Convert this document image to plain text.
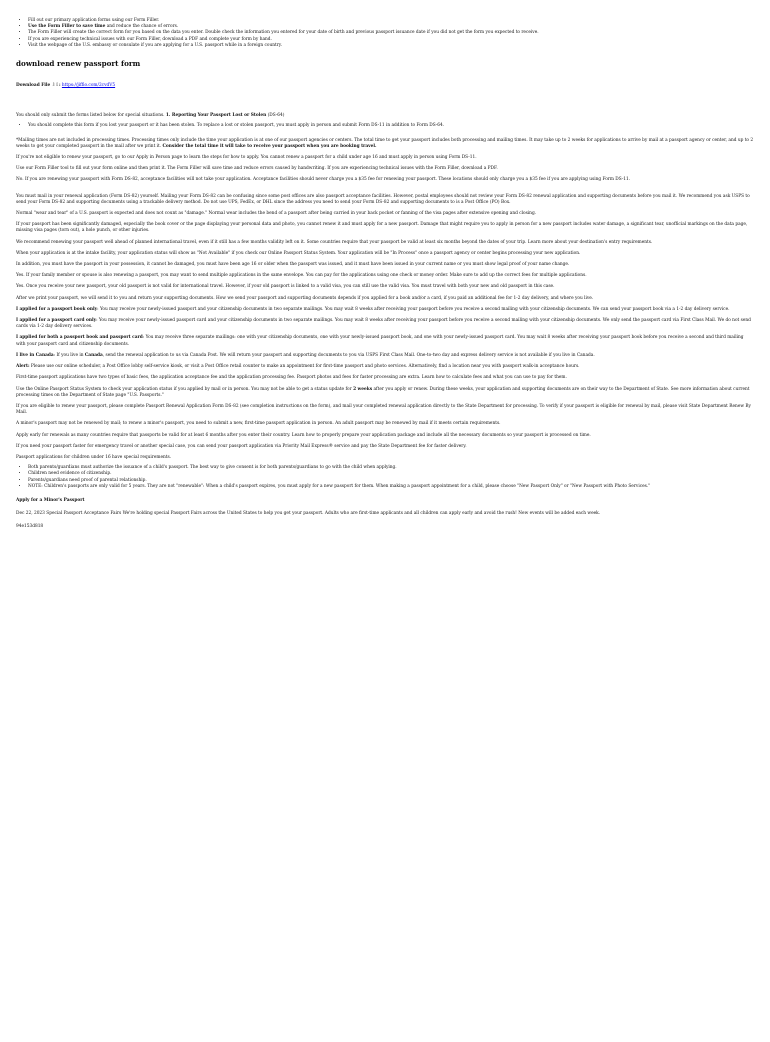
• Fill out our primary application forms using our Form Filler.
• Use the Form Filler to save time and reduce the chance of errors.
• The Form Filler will create the correct form for you based on the data you enter. Double check the information you entered for your date of birth and previous passport issuance date if you did not get the form you expected to receive.
• If you are experiencing technical issues with our Form Filler, download a PDF and complete your form by hand.
• Visit the webpage of the U.S. embassy or consulate if you are applying for a U.S. passport while in a foreign country.
download renew passport form

Download File ⇩⇩: https://jiffio.com/2cvdV5

You should only submit the forms listed below for special situations. 1. Reporting Your Passport Lost or Stolen (DS-64)

• You should complete this form if you lost your passport or it has been stolen. To replace a lost or stolen passport, you must apply in person and submit Form DS-11 in addition to Form DS-64.

*Mailing times are not included in processing times. Processing times only include the time your application is at one of our passport agencies or centers. The total time to get your passport includes both processing and mailing times. It may take up to 2 weeks for applications to arrive by mail at a passport agency or center, and up to 2 weeks to get your completed passport in the mail after we print it. Consider the total time it will take to receive your passport when you are booking travel.

If you're not eligible to renew your passport, go to our Apply in Person page to learn the steps for how to apply. You cannot renew a passport for a child under age 16 and must apply in person using Form DS-11.

Use our Form Filler tool to fill out your form online and then print it. The Form Filler will save time and reduce errors caused by handwriting. If you are experiencing technical issues with the Form Filler, download a PDF.

No. If you are renewing your passport with Form DS-82, acceptance facilities will not take your application. Acceptance facilities should never charge you a $35 fee for renewing your passport. These locations should only charge you a $35 fee if you are applying using Form DS-11.

You must mail in your renewal application (Form DS-82) yourself. Mailing your Form DS-82 can be confusing since some post offices are also passport acceptance facilities. However, postal employees should not review your Form DS-82 renewal application and supporting documents before you mail it. We recommend you ask USPS to send your Form DS-82 and supporting documents using a trackable delivery method. Do not use UPS, FedEx, or DHL since the address you need to send your Form DS-82 and supporting documents to is a Post Office (PO) Box.

Normal "wear and tear" of a U.S. passport is expected and does not count as "damage." Normal wear includes the bend of a passport after being carried in your back pocket or fanning of the visa pages after extensive opening and closing.

If your passport has been significantly damaged, especially the book cover or the page displaying your personal data and photo, you cannot renew it and must apply for a new passport. Damage that might require you to apply in person for a new passport includes water damage, a significant tear, unofficial markings on the data page, missing visa pages (torn out), a hole punch, or other injuries.

We recommend renewing your passport well ahead of planned international travel, even if it still has a few months validity left on it. Some countries require that your passport be valid at least six months beyond the dates of your trip. Learn more about your destination's entry requirements.

When your application is at the intake facility, your application status will show as "Not Available" if you check our Online Passport Status System. Your application will be "In Process" once a passport agency or center begins processing your new application.

In addition, you must have the passport in your possession, it cannot be damaged, you must have been age 16 or older when the passport was issued, and it must have been issued in your current name or you must show legal proof of your name change.

Yes. If your family member or spouse is also renewing a passport, you may want to send multiple applications in the same envelope. You can pay for the applications using one check or money order. Make sure to add up the correct fees for multiple applications.

Yes. Once you receive your new passport, your old passport is not valid for international travel. However, if your old passport is linked to a valid visa, you can still use the valid visa. You must travel with both your new and old passport in this case.

After we print your passport, we will send it to you and return your supporting documents. How we send your passport and supporting documents depends if you applied for a book and/or a card, if you paid an additional fee for 1-2 day delivery, and where you live.

I applied for a passport book only: You may receive your newly-issued passport and your citizenship documents in two separate mailings. You may wait 8 weeks after receiving your passport before you receive a second mailing with your citizenship documents. We can send your passport book via a 1-2 day delivery service.

I applied for a passport card only: You may receive your newly-issued passport card and your citizenship documents in two separate mailings. You may wait 8 weeks after receiving your passport before you receive a second mailing with your citizenship documents. We only send the passport card via First Class Mail. We do not send cards via 1-2 day delivery services.

I applied for both a passport book and passport card: You may receive three separate mailings: one with your citizenship documents, one with your newly-issued passport book, and one with your newly-issued passport card. You may wait 8 weeks after receiving your passport book before you receive a second and third mailing with your passport card and citizenship documents.

I live in Canada: If you live in Canada, send the renewal application to us via Canada Post. We will return your passport and supporting documents to you via USPS First Class Mail. One-to-two day and express delivery service is not available if you live in Canada.

Alert: Please use our online scheduler, a Post Office lobby self-service kiosk, or visit a Post Office retail counter to make an appointment for first-time passport and photo services. Alternatively, find a location near you with passport walk-in acceptance hours.

First-time passport applications have two types of basic fees, the application acceptance fee and the application processing fee. Passport photos and fees for faster processing are extra. Learn how to calculate fees and what you can use to pay for them.

Use the Online Passport Status System to check your application status if you applied by mail or in person. You may not be able to get a status update for 2 weeks after you apply or renew. During these weeks, your application and supporting documents are on their way to the Department of State. See more information about current processing times on the Department of State page "U.S. Passports."

If you are eligible to renew your passport, please complete Passport Renewal Application Form DS-82 (see completion instructions on the form), and mail your completed renewal application directly to the State Department for processing. To verify if your passport is eligible for renewal by mail, please visit State Department Renew By Mail.

A minor's passport may not be renewed by mail; to renew a minor's passport, you need to submit a new, first-time passport application in person. An adult passport may be renewed by mail if it meets certain requirements.

Apply early for renewals as many countries require that passports be valid for at least 6 months after you enter their country. Learn how to properly prepare your application package and include all the necessary documents so your passport is processed on time.

If you need your passport faster for emergency travel or another special case, you can send your passport application via Priority Mail Express® service and pay the State Department fee for faster delivery.

Passport applications for children under 16 have special requirements.

• Both parents/guardians must authorize the issuance of a child's passport. The best way to give consent is for both parents/guardians to go with the child when applying.
• Children need evidence of citizenship.
• Parents/guardians need proof of parental relationship.
• NOTE: Children's passports are only valid for 5 years. They are not "renewable": When a child's passport expires, you must apply for a new passport for them. When making a passport appointment for a child, please choose "New Passport Only" or "New Passport with Photo Services."

Apply for a Minor's Passport

Dec 22, 2023 Special Passport Acceptance Fairs We're holding special Passport Fairs across the United States to help you get your passport. Adults who are first-time applicants and all children can apply early and avoid the rush! New events will be added each week.

94e153d818
